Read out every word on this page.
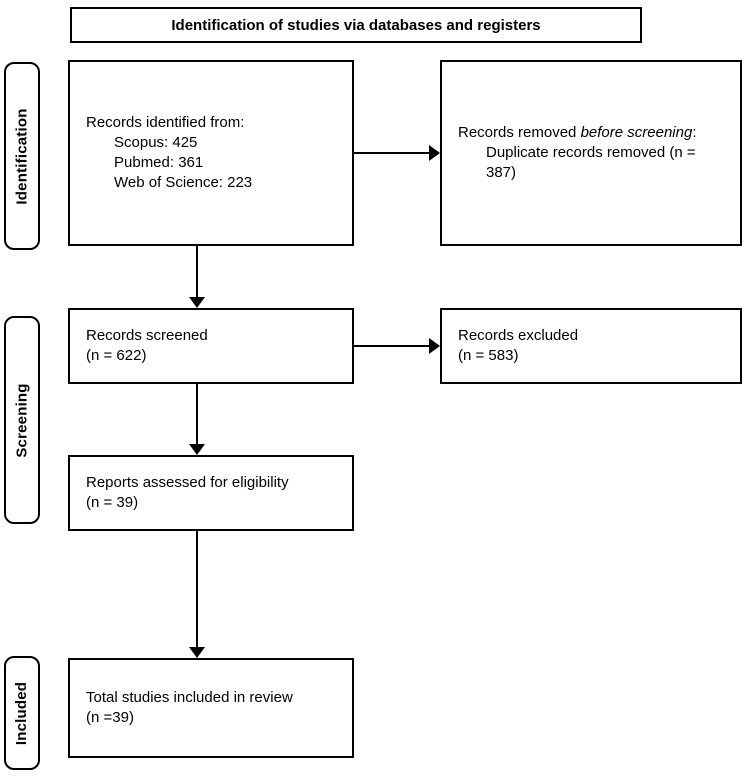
Identification of studies via databases and registers
Identification
Screening
Included
Records identified from:
Scopus: 425
Pubmed: 361
Web of Science: 223
Records removed before screening:
Duplicate records removed (n = 387)
Records screened
(n = 622)
Records excluded
(n = 583)
Reports assessed for eligibility
(n = 39)
Total studies included in review
(n =39)
